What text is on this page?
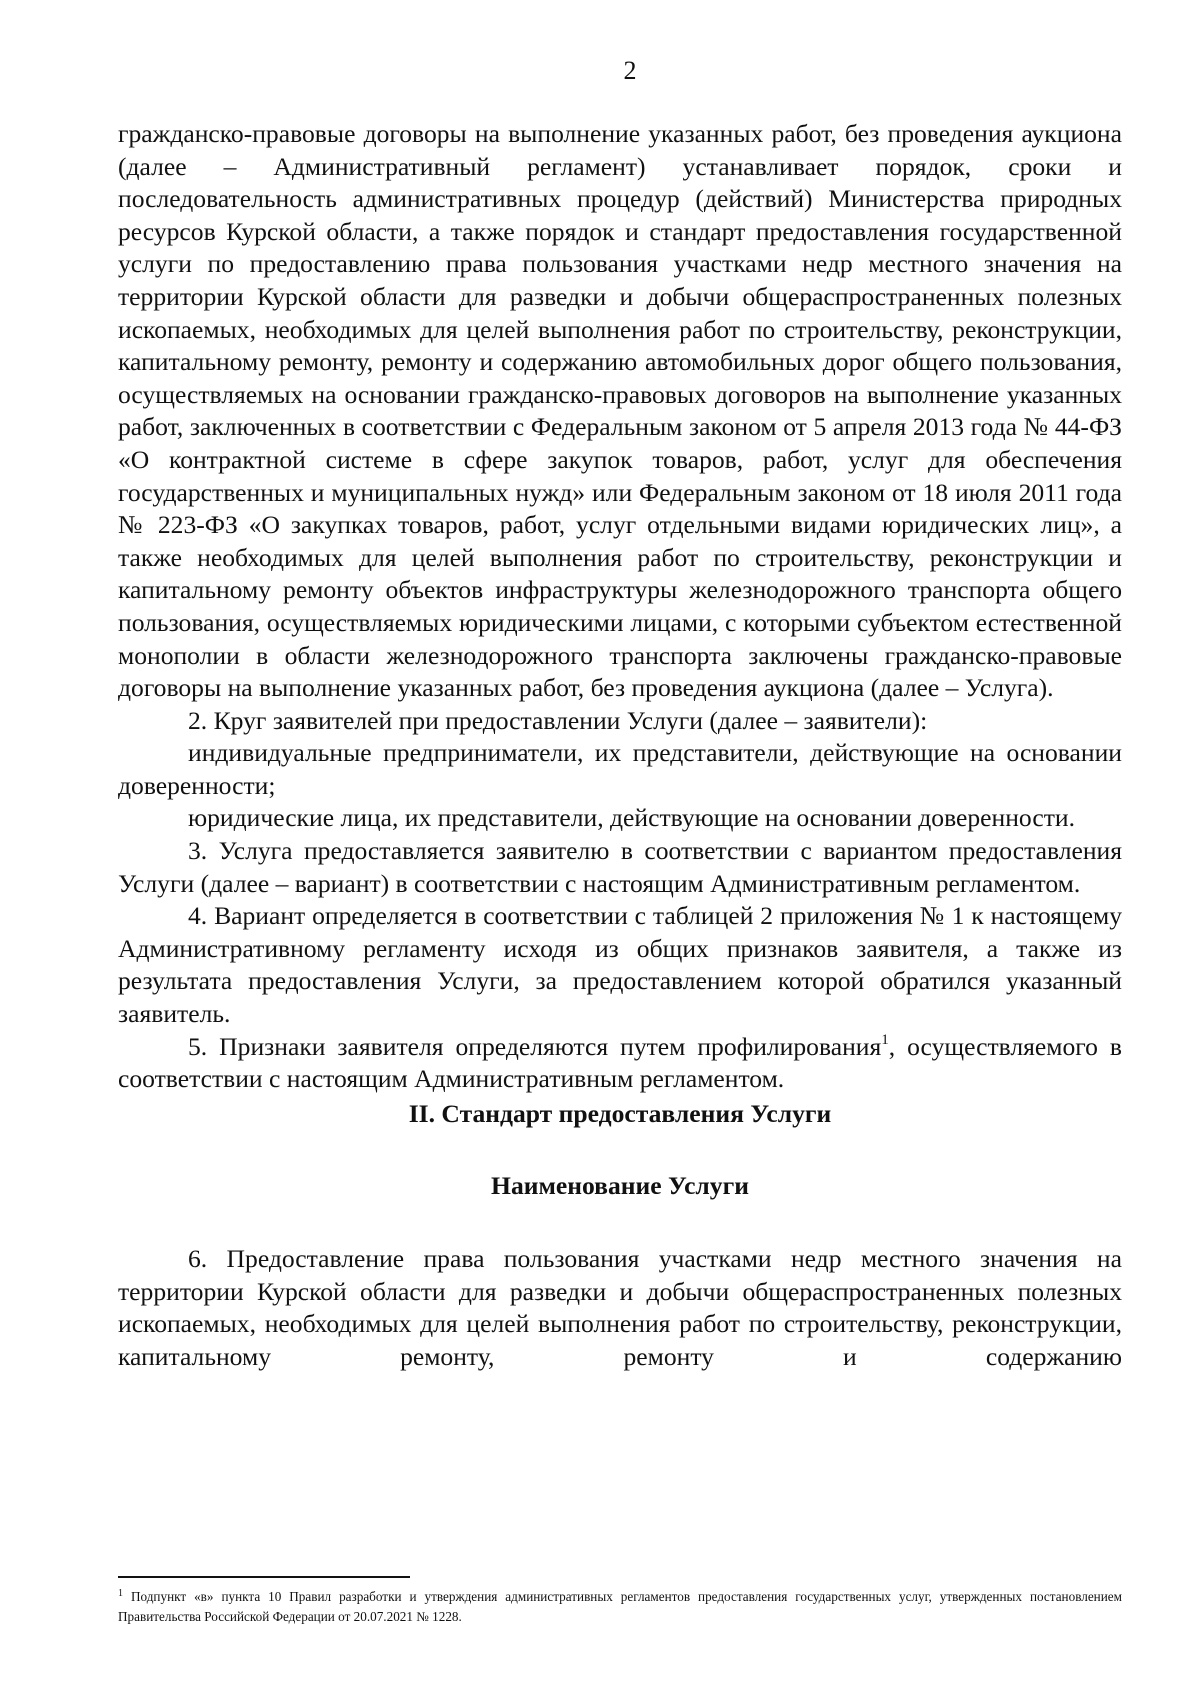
2

гражданско-правовые договоры на выполнение указанных работ, без проведения аукциона (далее – Административный регламент) устанавливает порядок, сроки и последовательность административных процедур (действий) Министерства природных ресурсов Курской области, а также порядок и стандарт предоставления государственной услуги по предоставлению права пользования участками недр местного значения на территории Курской области для разведки и добычи общераспространенных полезных ископаемых, необходимых для целей выполнения работ по строительству, реконструкции, капитальному ремонту, ремонту и содержанию автомобильных дорог общего пользования, осуществляемых на основании гражданско-правовых договоров на выполнение указанных работ, заключенных в соответствии с Федеральным законом от 5 апреля 2013 года № 44-ФЗ «О контрактной системе в сфере закупок товаров, работ, услуг для обеспечения государственных и муниципальных нужд» или Федеральным законом от 18 июля 2011 года № 223-ФЗ «О закупках товаров, работ, услуг отдельными видами юридических лиц», а также необходимых для целей выполнения работ по строительству, реконструкции и капитальному ремонту объектов инфраструктуры железнодорожного транспорта общего пользования, осуществляемых юридическими лицами, с которыми субъектом естественной монополии в области железнодорожного транспорта заключены гражданско-правовые договоры на выполнение указанных работ, без проведения аукциона (далее – Услуга).

2. Круг заявителей при предоставлении Услуги (далее – заявители):

индивидуальные предприниматели, их представители, действующие на основании доверенности;

юридические лица, их представители, действующие на основании доверенности.

3. Услуга предоставляется заявителю в соответствии с вариантом предоставления Услуги (далее – вариант) в соответствии с настоящим Административным регламентом.

4. Вариант определяется в соответствии с таблицей 2 приложения № 1 к настоящему Административному регламенту исходя из общих признаков заявителя, а также из результата предоставления Услуги, за предоставлением которой обратился указанный заявитель.

5. Признаки заявителя определяются путем профилирования$^1$, осуществляемого в соответствии с настоящим Административным регламентом.

II. Стандарт предоставления Услуги
Наименование Услуги

6. Предоставление права пользования участками недр местного значения на территории Курской области для разведки и добычи общераспространенных полезных ископаемых, необходимых для целей выполнения работ по строительству, реконструкции, капитальному ремонту, ремонту и содержанию

$^1$ Подпункт «в» пункта 10 Правил разработки и утверждения административных регламентов предоставления государственных услуг, утвержденных постановлением Правительства Российской Федерации от 20.07.2021 № 1228.
